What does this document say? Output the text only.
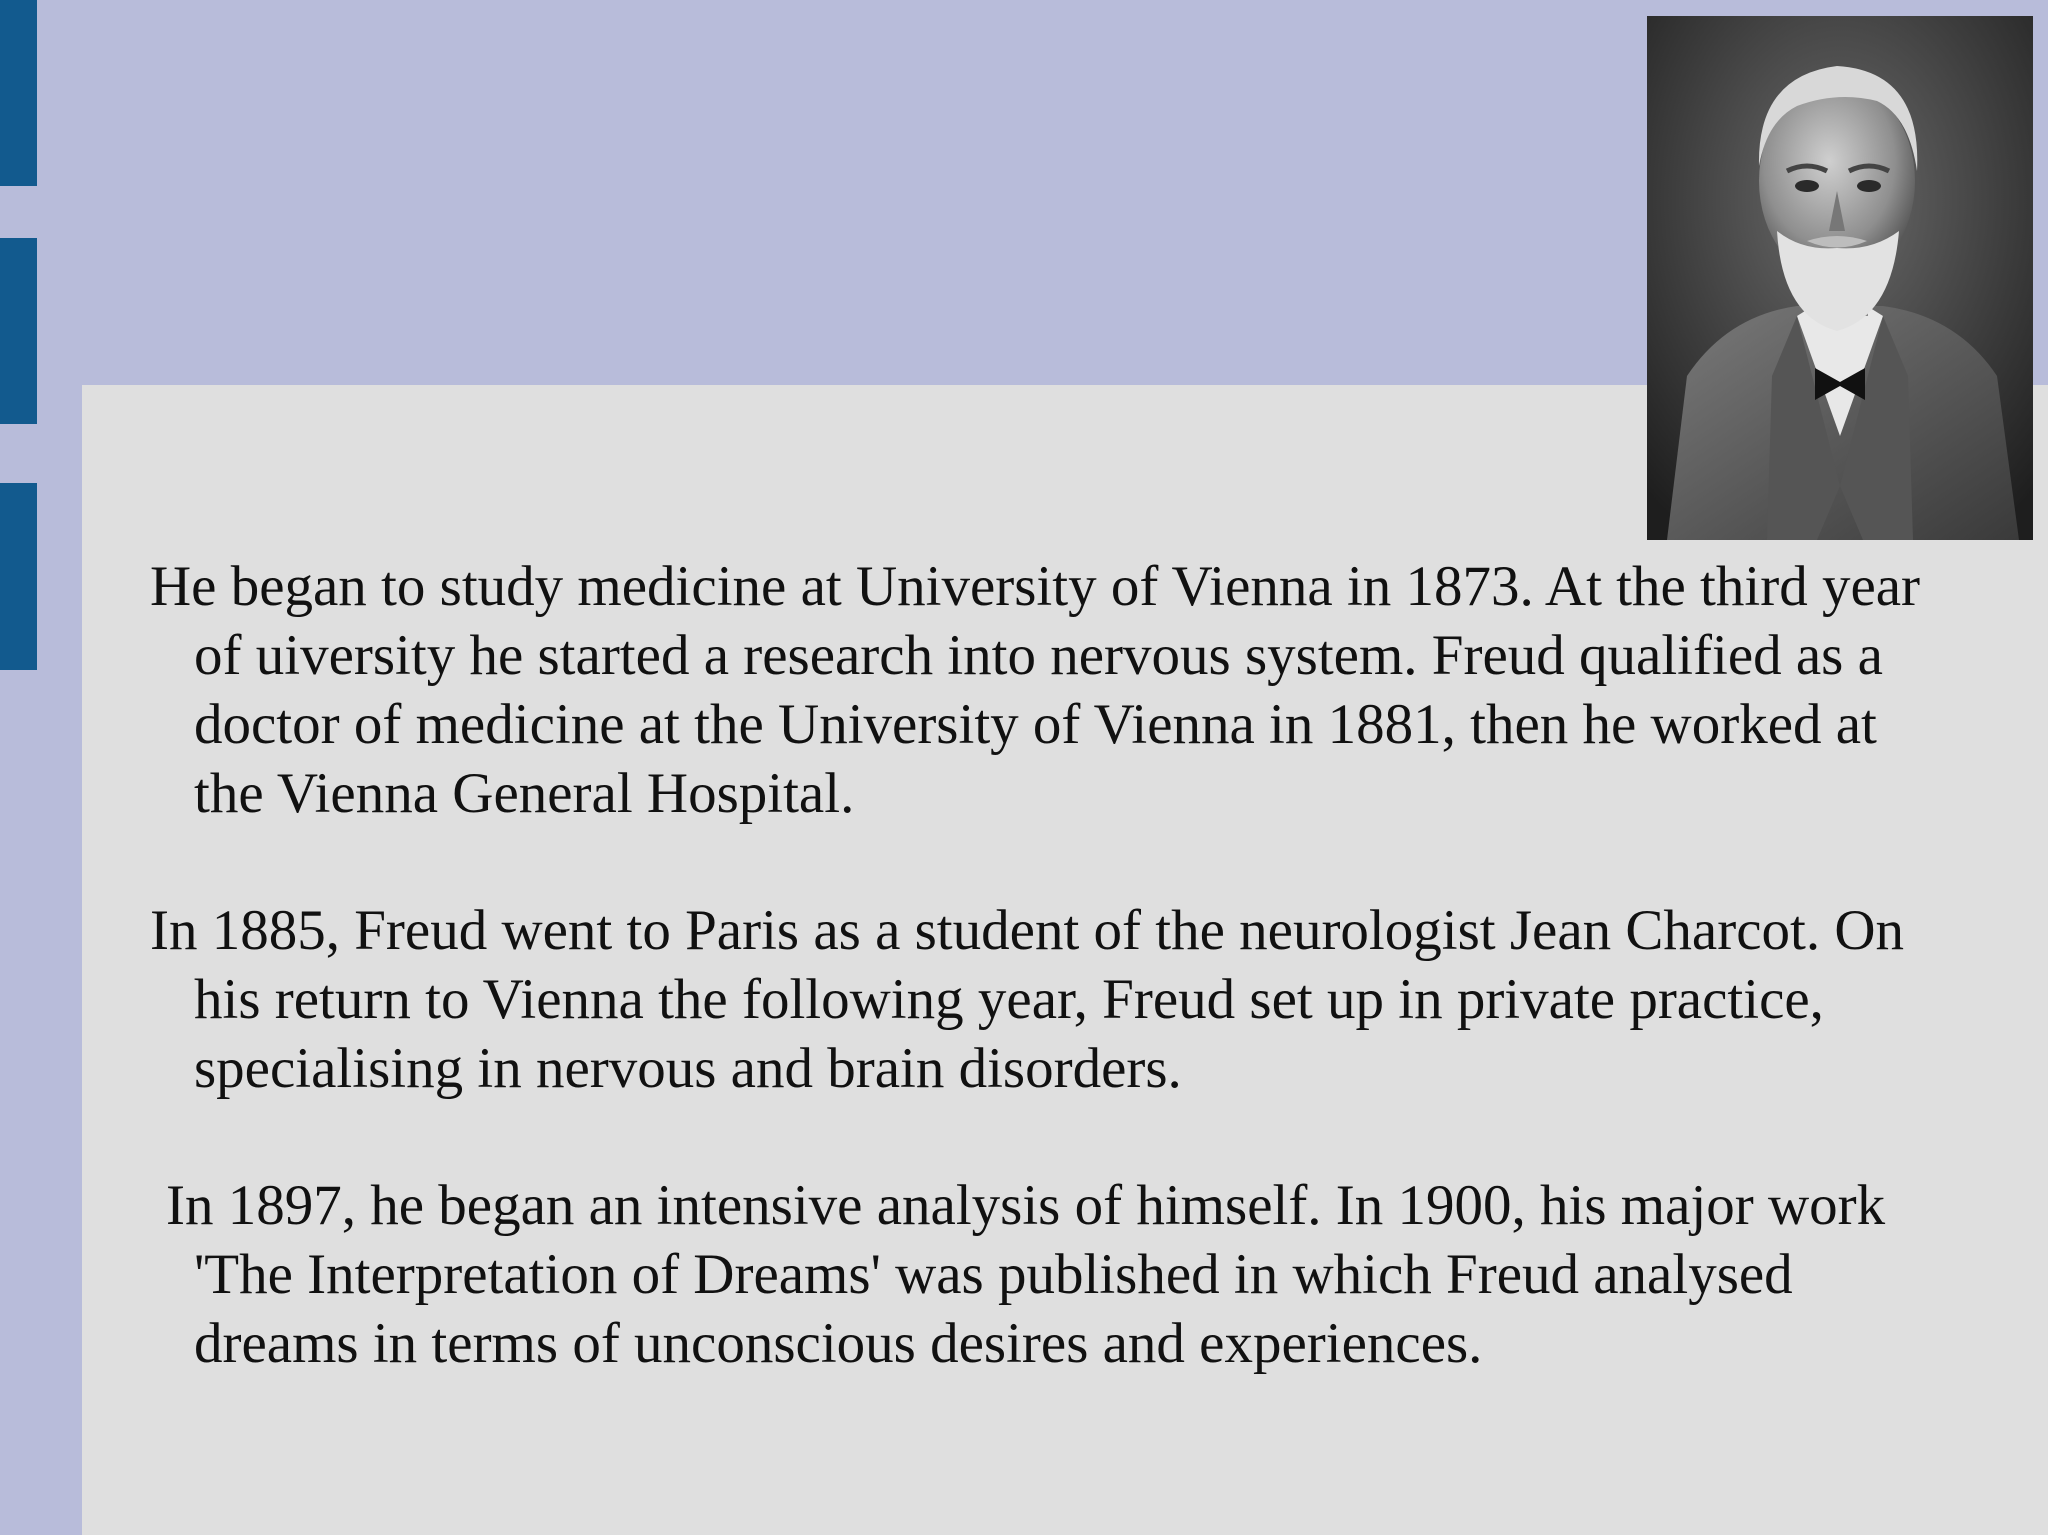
He began to study medicine at University of Vienna in 1873. At the third year of uiversity he started a research into nervous system. Freud qualified as a doctor of medicine at the University of Vienna in 1881, then he worked at the Vienna General Hospital.

In 1885, Freud went to Paris as a student of the neurologist Jean Charcot. On his return to Vienna the following year, Freud set up in private practice, specialising in nervous and brain disorders.

In 1897, he began an intensive analysis of himself. In 1900, his major work 'The Interpretation of Dreams' was published in which Freud analysed dreams in terms of unconscious desires and experiences.
